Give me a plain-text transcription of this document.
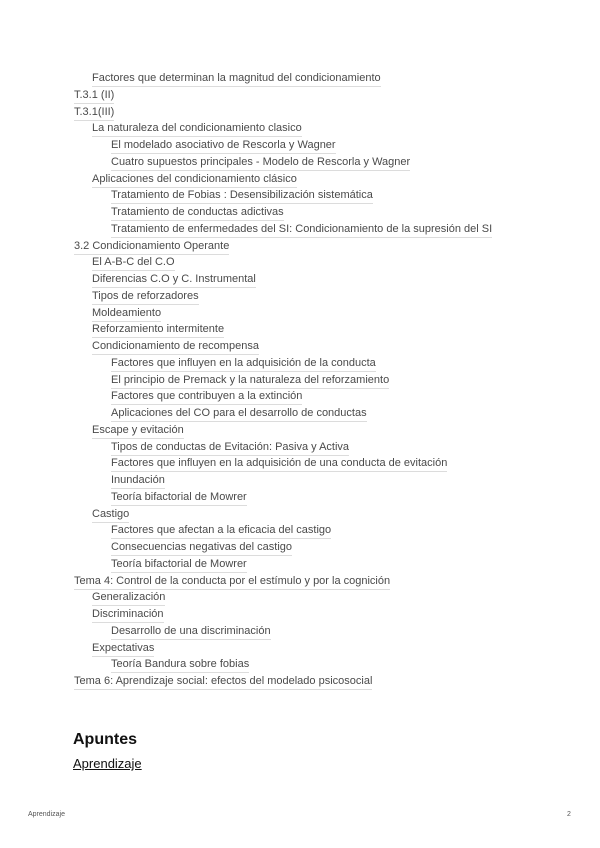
Factores que determinan la magnitud del condicionamiento
T.3.1 (II)
T.3.1(III)
La naturaleza del condicionamiento clasico
El modelado asociativo de Rescorla y Wagner
Cuatro supuestos principales - Modelo de Rescorla y Wagner
Aplicaciones del condicionamiento clásico
Tratamiento de Fobias : Desensibilización sistemática
Tratamiento de conductas adictivas
Tratamiento de enfermedades del SI: Condicionamiento de la supresión del SI
3.2 Condicionamiento Operante
El A-B-C del C.O
Diferencias C.O y C. Instrumental
Tipos de reforzadores
Moldeamiento
Reforzamiento intermitente
Condicionamiento de recompensa
Factores que influyen en la adquisición de la conducta
El principio de Premack y la naturaleza del reforzamiento
Factores que contribuyen a la extinción
Aplicaciones del CO para el desarrollo de conductas
Escape y evitación
Tipos de conductas de Evitación: Pasiva y Activa
Factores que influyen en la adquisición de una conducta de evitación
Inundación
Teoría bifactorial de Mowrer
Castigo
Factores que afectan a la eficacia del castigo
Consecuencias negativas del castigo
Teoría bifactorial de Mowrer
Tema 4: Control de la conducta por el estímulo y por la cognición
Generalización
Discriminación
Desarrollo de una discriminación
Expectativas
Teoría Bandura sobre fobias
Tema 6: Aprendizaje social: efectos del modelado psicosocial
Apuntes
Aprendizaje
Aprendizaje	2
